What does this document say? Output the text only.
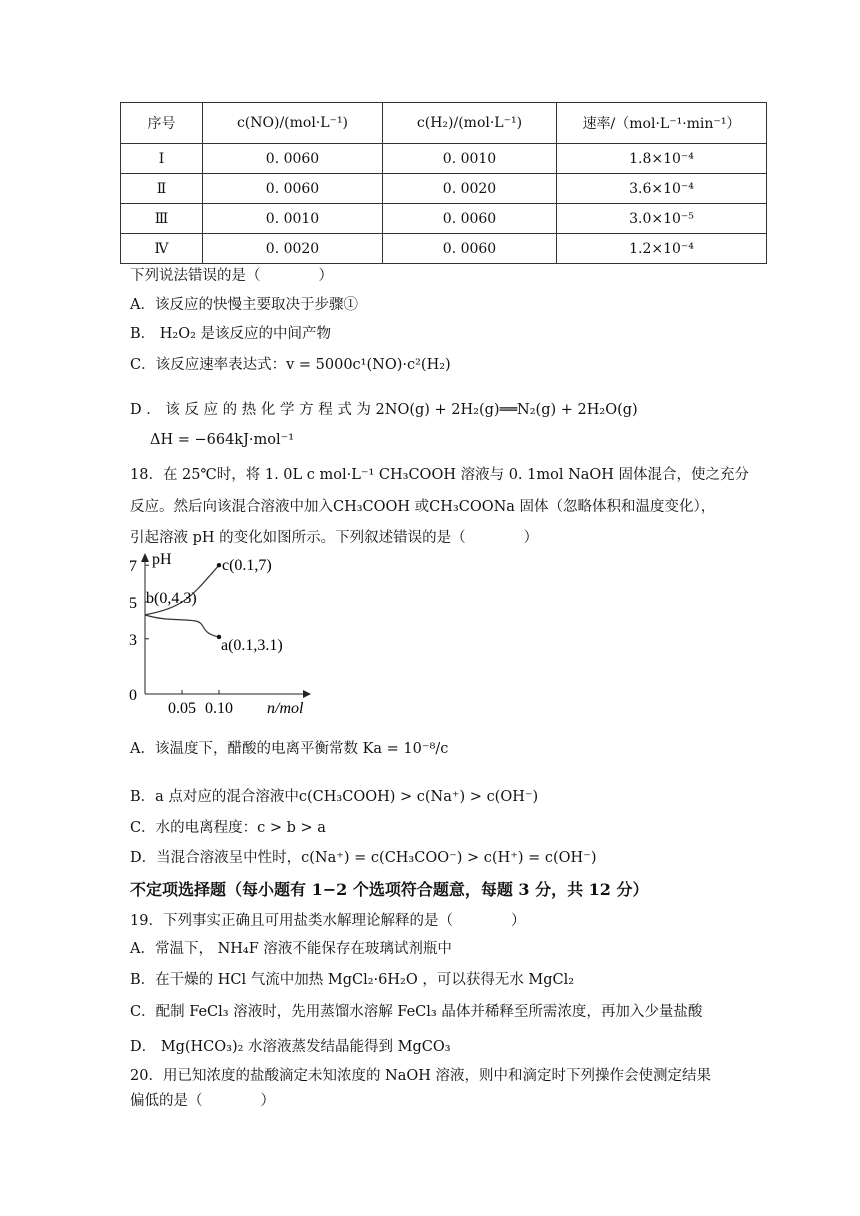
序号	c(NO)/(mol·L⁻¹)	c(H₂)/(mol·L⁻¹)	速率/（mol·L⁻¹·min⁻¹）
Ⅰ	0. 0060	0. 0010	1.8×10⁻⁴
Ⅱ	0. 0060	0. 0020	3.6×10⁻⁴
Ⅲ	0. 0010	0. 0060	3.0×10⁻⁵
Ⅳ	0. 0020	0. 0060	1.2×10⁻⁴
下列说法错误的是（　　　　）
A．该反应的快慢主要取决于步骤①
B． H₂O₂ 是该反应的中间产物
C．该反应速率表达式：v = 5000c¹(NO)·c²(H₂)
D ． 该 反 应 的 热 化 学 方 程 式 为 2NO(g) + 2H₂(g)══N₂(g) + 2H₂O(g)
ΔH = −664kJ·mol⁻¹
18．在 25℃时，将 1. 0L c mol·L⁻¹ CH₃COOH 溶液与 0. 1mol NaOH 固体混合，使之充分
反应。然后向该混合溶液中加入CH₃COOH 或CH₃COONa 固体（忽略体积和温度变化），
引起溶液 pH 的变化如图所示。下列叙述错误的是（　　　　）
pH
n/mol
0
3
5
7
0.05 0.10
b(0,4.3)
c(0.1,7)
a(0.1,3.1)
A．该温度下，醋酸的电离平衡常数 Ka = 10⁻⁸/c
B．a 点对应的混合溶液中c(CH₃COOH) > c(Na⁺) > c(OH⁻)
C．水的电离程度：c > b > a
D．当混合溶液呈中性时，c(Na⁺) = c(CH₃COO⁻) > c(H⁺) = c(OH⁻)
不定项选择题（每小题有 1−2 个选项符合题意，每题 3 分，共 12 分）
19．下列事实正确且可用盐类水解理论解释的是（　　　　）
A．常温下， NH₄F 溶液不能保存在玻璃试剂瓶中
B．在干燥的 HCl 气流中加热 MgCl₂·6H₂O ，可以获得无水 MgCl₂
C．配制 FeCl₃ 溶液时，先用蒸馏水溶解 FeCl₃ 晶体并稀释至所需浓度，再加入少量盐酸
D． Mg(HCO₃)₂ 水溶液蒸发结晶能得到 MgCO₃
20．用已知浓度的盐酸滴定未知浓度的 NaOH 溶液，则中和滴定时下列操作会使测定结果
偏低的是（　　　　）
